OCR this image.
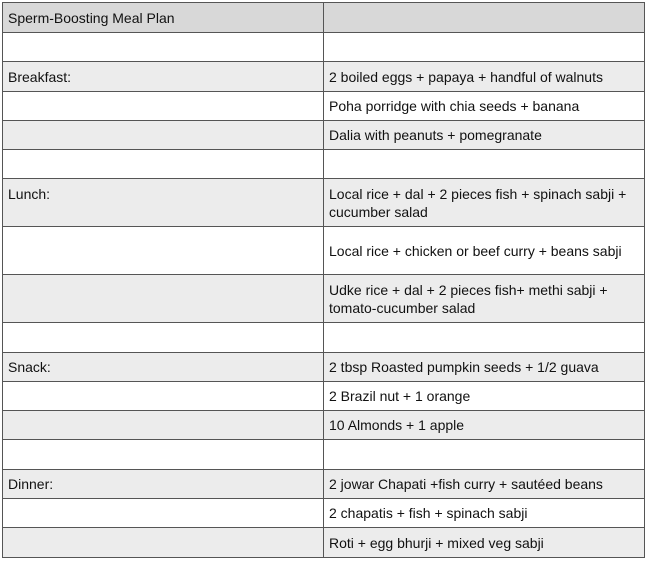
Sperm-Boosting Meal Plan	

Breakfast:	2 boiled eggs + papaya + handful of walnuts
	Poha porridge with chia seeds + banana
	Dalia with peanuts + pomegranate

Lunch:	Local rice + dal + 2 pieces fish + spinach sabji + cucumber salad
	Local rice + chicken or beef curry + beans sabji
	Udke rice + dal + 2 pieces fish+ methi sabji + tomato-cucumber salad

Snack:	2 tbsp Roasted pumpkin seeds + 1/2 guava
	2 Brazil nut + 1 orange
	10 Almonds + 1 apple

Dinner:	2 jowar Chapati +fish curry + sautéed beans
	2 chapatis + fish + spinach sabji
	Roti + egg bhurji + mixed veg sabji
